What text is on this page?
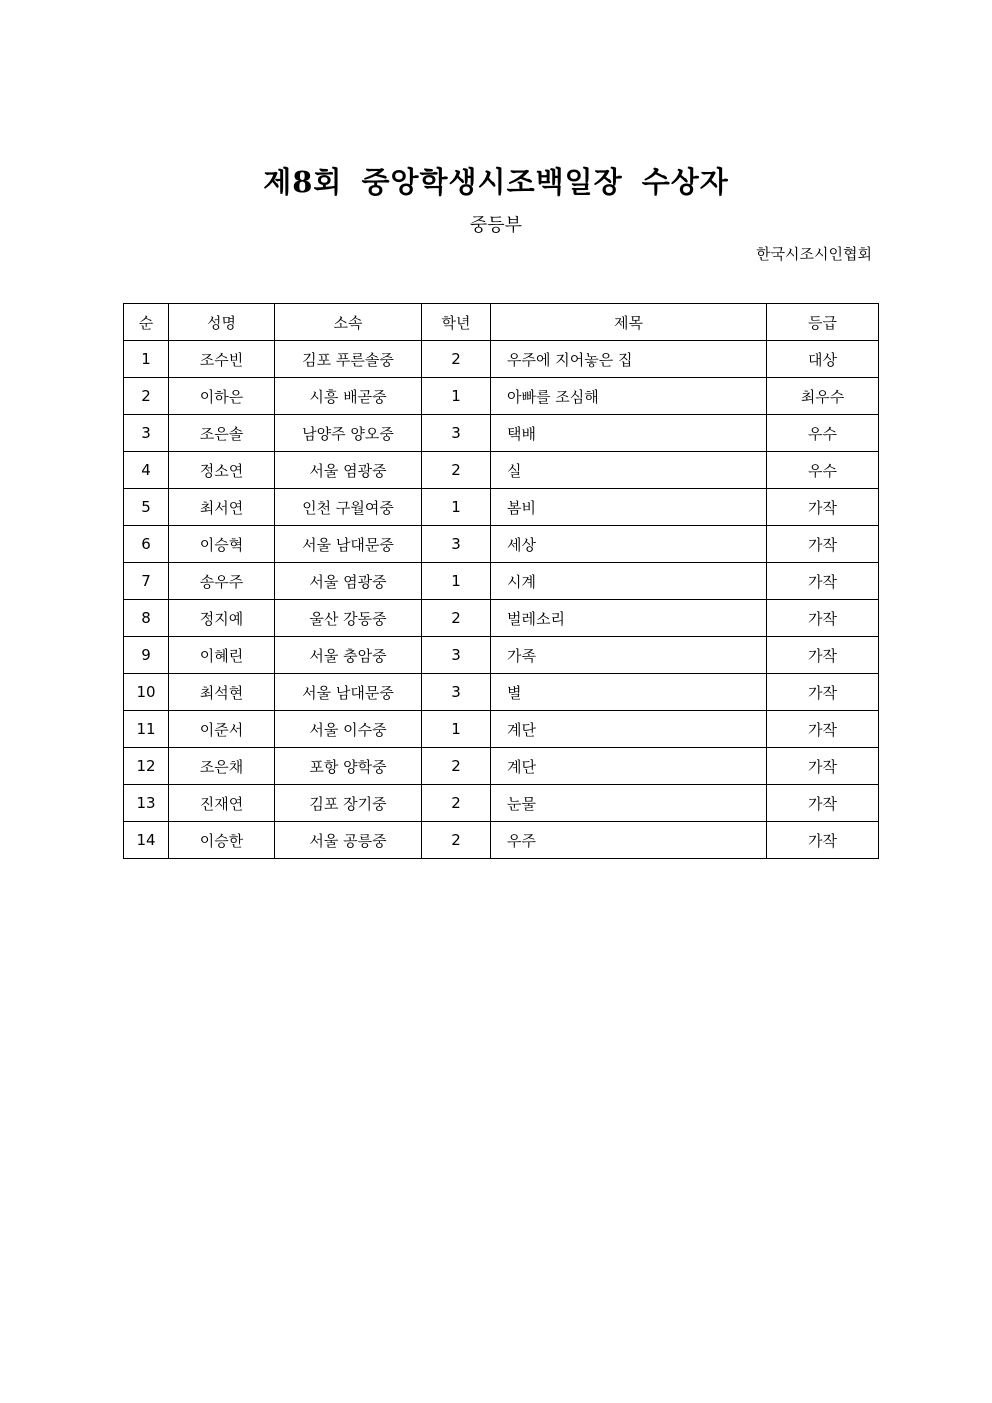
제8회 중앙학생시조백일장 수상자

중등부

한국시조시인협회

순	성명	소속	학년	제목	등급
1	조수빈	김포 푸른솔중	2	우주에 지어놓은 집	대상
2	이하은	시흥 배곧중	1	아빠를 조심해	최우수
3	조은솔	남양주 양오중	3	택배	우수
4	정소연	서울 염광중	2	실	우수
5	최서연	인천 구월여중	1	봄비	가작
6	이승혁	서울 남대문중	3	세상	가작
7	송우주	서울 염광중	1	시계	가작
8	정지예	울산 강동중	2	벌레소리	가작
9	이혜린	서울 충암중	3	가족	가작
10	최석현	서울 남대문중	3	별	가작
11	이준서	서울 이수중	1	계단	가작
12	조은채	포항 양학중	2	계단	가작
13	진재연	김포 장기중	2	눈물	가작
14	이승한	서울 공릉중	2	우주	가작
